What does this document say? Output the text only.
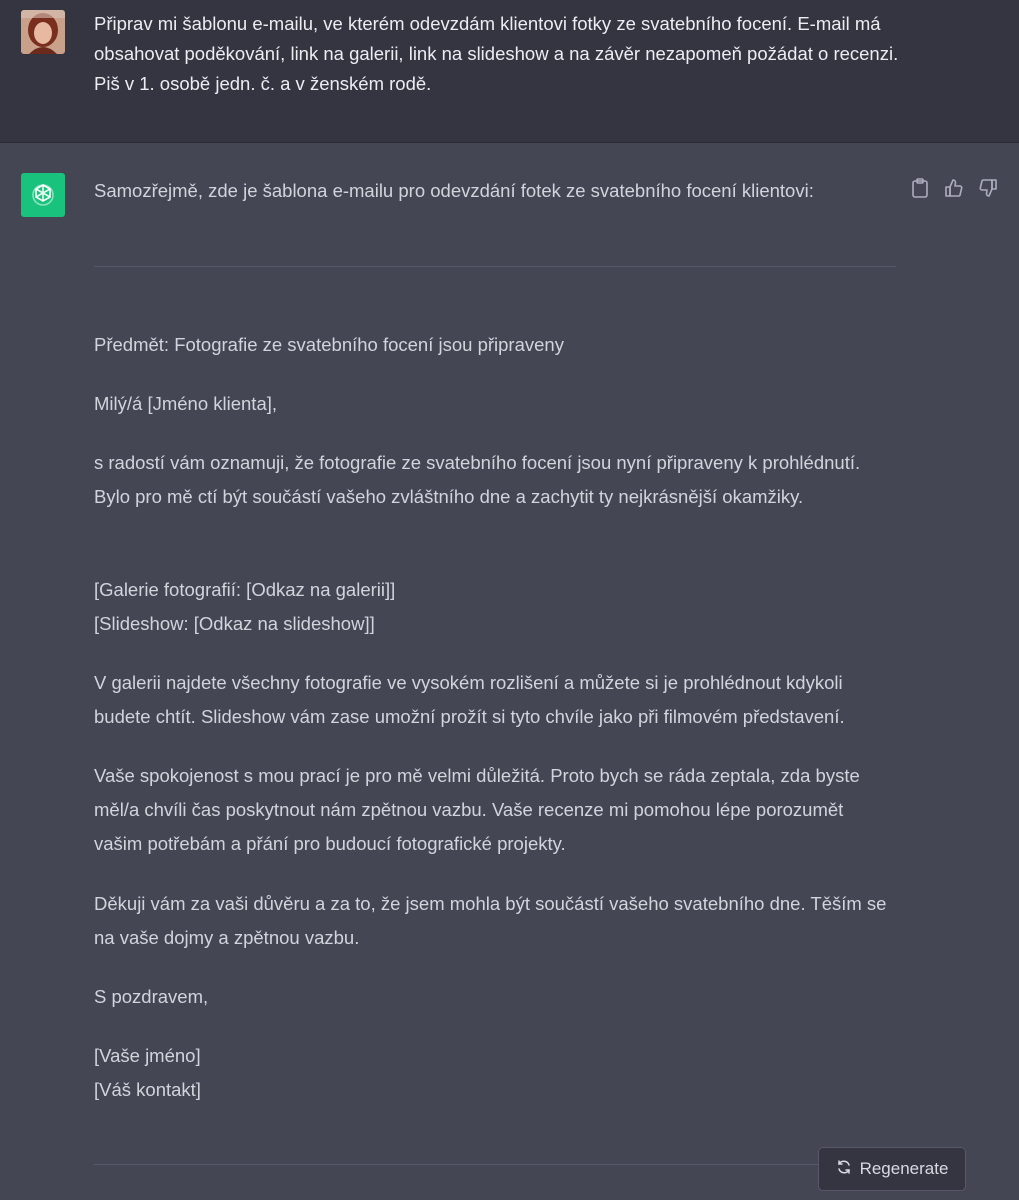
Připrav mi šablonu e-mailu, ve kterém odevzdám klientovi fotky ze svatebního focení. E-mail má obsahovat poděkování, link na galerii, link na slideshow a na závěr nezapomeň požádat o recenzi. Piš v 1. osobě jedn. č. a v ženském rodě.
Samozřejmě, zde je šablona e-mailu pro odevzdání fotek ze svatebního focení klientovi:

Předmět: Fotografie ze svatebního focení jsou připraveny

Milý/á [Jméno klienta],

s radostí vám oznamuji, že fotografie ze svatebního focení jsou nyní připraveny k prohlédnutí. Bylo pro mě ctí být součástí vašeho zvláštního dne a zachytit ty nejkrásnější okamžiky.

[Galerie fotografií: [Odkaz na galerii]]

[Slideshow: [Odkaz na slideshow]]

V galerii najdete všechny fotografie ve vysokém rozlišení a můžete si je prohlédnout kdykoli budete chtít. Slideshow vám zase umožní prožít si tyto chvíle jako při filmovém představení.

Vaše spokojenost s mou prací je pro mě velmi důležitá. Proto bych se ráda zeptala, zda byste měl/a chvíli čas poskytnout nám zpětnou vazbu. Vaše recenze mi pomohou lépe porozumět vašim potřebám a přání pro budoucí fotografické projekty.

Děkuji vám za vaši důvěru a za to, že jsem mohla být součástí vašeho svatebního dne. Těším se na vaše dojmy a zpětnou vazbu.

S pozdravem,

[Vaše jméno]

[Váš kontakt]

Regenerate
